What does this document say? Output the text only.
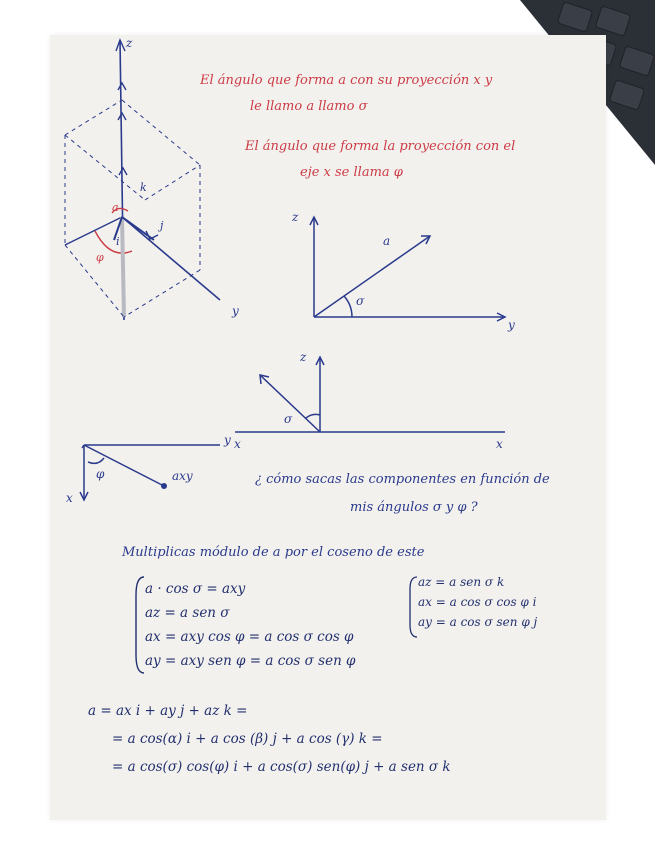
El ángulo que forma a con su proyección x y
le llamo a llamo σ
El ángulo que forma la proyección con el
eje x se llama φ
z
y
a
k
j
i
φ
z
y
a
σ
z
x	x
σ
y
x
φ	axy	¿ cómo sacas las componentes en función de
mis ángulos σ y φ ?
Multiplicas módulo de a por el coseno de este
a · cos σ = axy
az = a sen σ
ax = axy cos φ = a cos σ cos φ
ay = axy sen φ = a cos σ sen φ
az = a sen σ k
ax = a cos σ cos φ i
ay = a cos σ sen φ j
a = ax i + ay j + az k =
= a cos(α) i + a cos (β) j + a cos (γ) k =
= a cos(σ) cos(φ) i + a cos(σ) sen(φ) j + a sen σ k
